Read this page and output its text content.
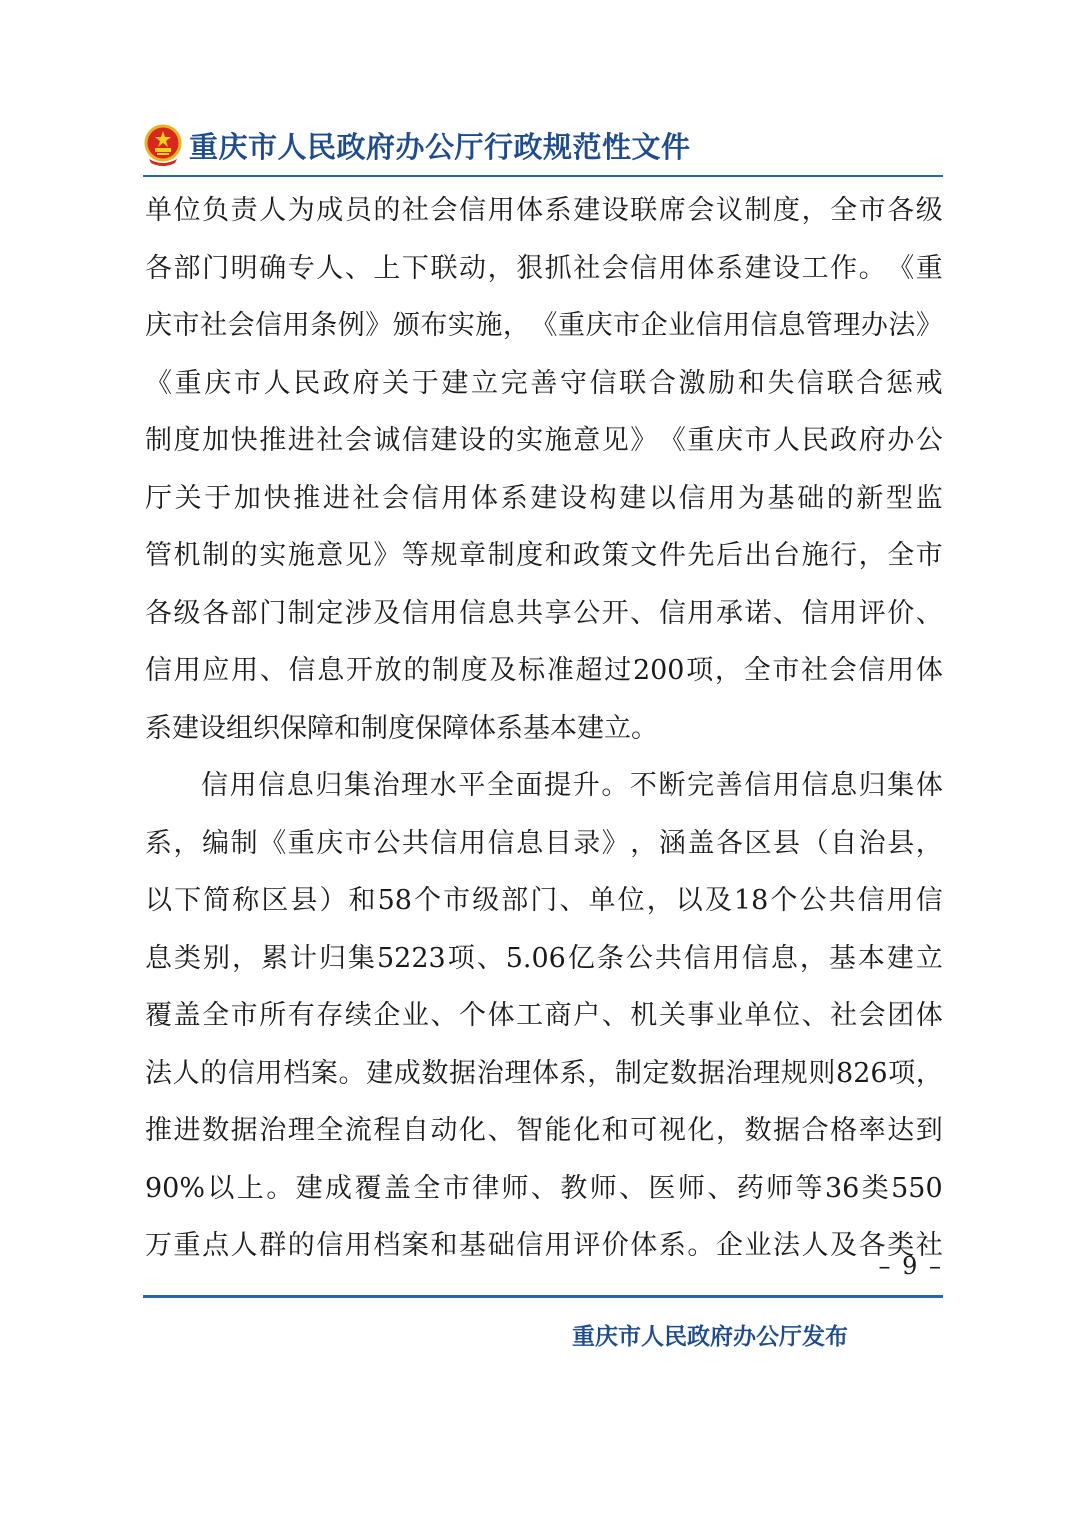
重庆市人民政府办公厅行政规范性文件
单 位 负 责 人 为 成 员 的 社 会 信 用 体 系 建 设 联 席 会 议 制 度 ， 全 市 各 级
各 部 门 明 确 专 人 、 上 下 联 动 ， 狠 抓 社 会 信 用 体 系 建 设 工 作 。 《 重
庆 市 社 会 信 用 条 例 》 颁 布 实 施 ， 《 重 庆 市 企 业 信 用 信 息 管 理 办 法 》
《 重 庆 市 人 民 政 府 关 于 建 立 完 善 守 信 联 合 激 励 和 失 信 联 合 惩 戒
制 度 加 快 推 进 社 会 诚 信 建 设 的 实 施 意 见 》 《 重 庆 市 人 民 政 府 办 公
厅 关 于 加 快 推 进 社 会 信 用 体 系 建 设 构 建 以 信 用 为 基 础 的 新 型 监
管 机 制 的 实 施 意 见 》 等 规 章 制 度 和 政 策 文 件 先 后 出 台 施 行 ， 全 市
各 级 各 部 门 制 定 涉 及 信 用 信 息 共 享 公 开 、 信 用 承 诺 、 信 用 评 价 、
信 用 应 用 、 信 息 开 放 的 制 度 及 标 准 超 过 200 项 ， 全 市 社 会 信 用 体
系 建 设 组 织 保 障 和 制 度 保 障 体 系 基 本 建 立 。
信 用 信 息 归 集 治 理 水 平 全 面 提 升 。 不 断 完 善 信 用 信 息 归 集 体
系 ， 编 制 《 重 庆 市 公 共 信 用 信 息 目 录 》 ， 涵 盖 各 区 县 （ 自 治 县 ，
以 下 简 称 区 县 ） 和 58 个 市 级 部 门 、 单 位 ， 以 及 18 个 公 共 信 用 信
息 类 别 ， 累 计 归 集 5223 项 、 5.06 亿 条 公 共 信 用 信 息 ， 基 本 建 立
覆 盖 全 市 所 有 存 续 企 业 、 个 体 工 商 户 、 机 关 事 业 单 位 、 社 会 团 体
法 人 的 信 用 档 案 。 建 成 数 据 治 理 体 系 ， 制 定 数 据 治 理 规 则 826 项 ，
推 进 数 据 治 理 全 流 程 自 动 化 、 智 能 化 和 可 视 化 ， 数 据 合 格 率 达 到
90% 以 上 。 建 成 覆 盖 全 市 律 师 、 教 师 、 医 师 、 药 师 等 36 类 550
万 重 点 人 群 的 信 用 档 案 和 基 础 信 用 评 价 体 系 。 企 业 法 人 及 各 类 社
– 9 –
重庆市人民政府办公厅发布
